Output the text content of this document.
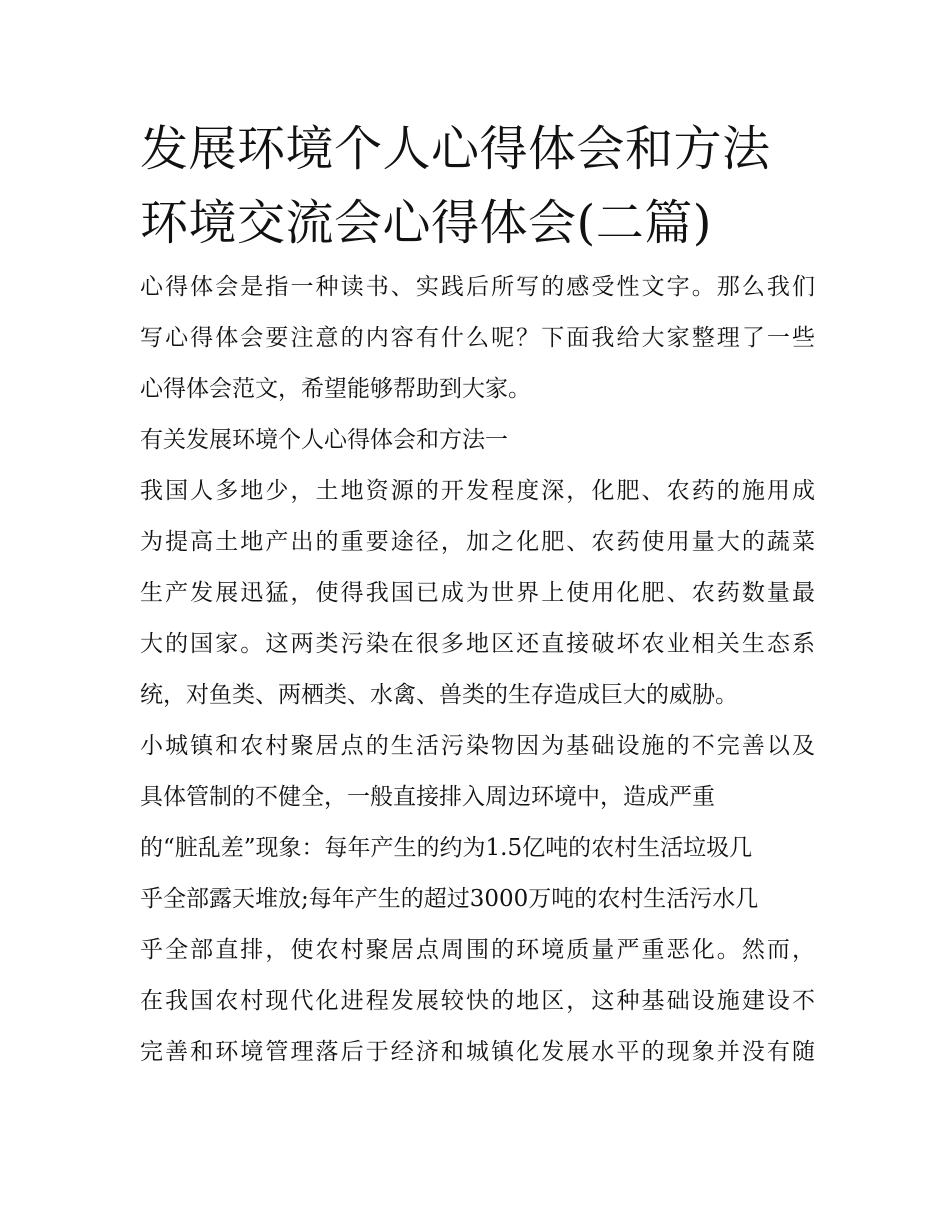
发展环境个人心得体会和方法
环境交流会心得体会(二篇)
心得体会是指一种读书、实践后所写的感受性文字。那么我们
写心得体会要注意的内容有什么呢？下面我给大家整理了一些
心得体会范文，希望能够帮助到大家。
有关发展环境个人心得体会和方法一
我国人多地少，土地资源的开发程度深，化肥、农药的施用成
为提高土地产出的重要途径，加之化肥、农药使用量大的蔬菜
生产发展迅猛，使得我国已成为世界上使用化肥、农药数量最
大的国家。这两类污染在很多地区还直接破坏农业相关生态系
统，对鱼类、两栖类、水禽、兽类的生存造成巨大的威胁。
小城镇和农村聚居点的生活污染物因为基础设施的不完善以及
具体管制的不健全，一般直接排入周边环境中，造成严重
的“脏乱差”现象：每年产生的约为1.5亿吨的农村生活垃圾几
乎全部露天堆放;每年产生的超过3000万吨的农村生活污水几
乎全部直排，使农村聚居点周围的环境质量严重恶化。然而，
在我国农村现代化进程发展较快的地区，这种基础设施建设不
完善和环境管理落后于经济和城镇化发展水平的现象并没有随
